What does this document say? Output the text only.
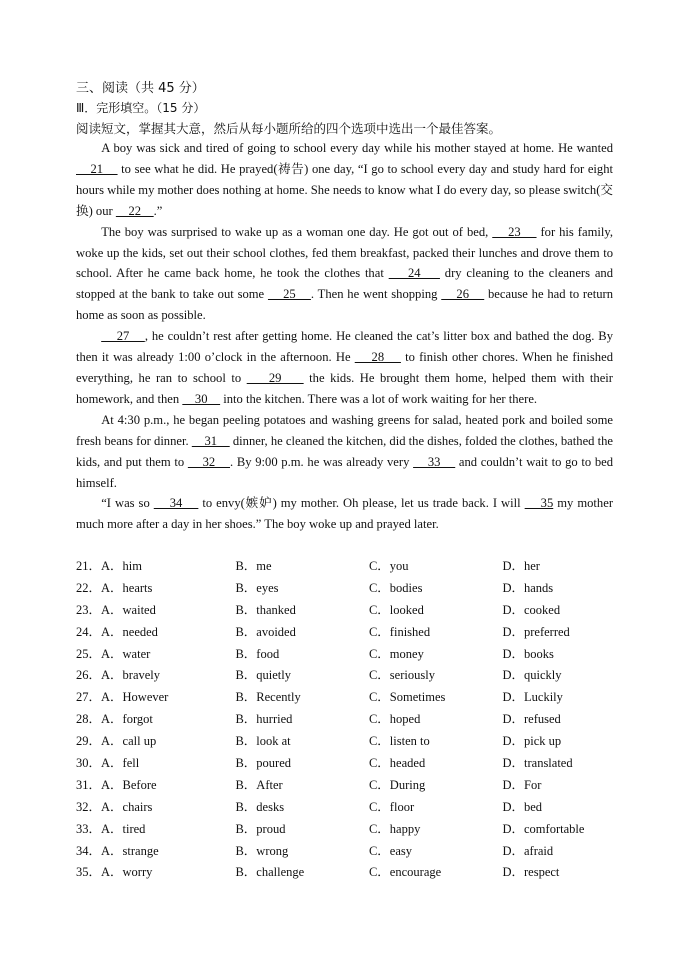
三、阅读（共 45 分）
Ⅲ．完形填空。（15 分）
阅读短文，掌握其大意，然后从每小题所给的四个选项中选出一个最佳答案。

A boy was sick and tired of going to school every day while his mother stayed at home. He wanted     21     to see what he did. He prayed(祷告) one day, “I go to school every day and study hard for eight hours while my mother does nothing at home. She needs to know what I do every day, so please switch(交换) our     22    .”

The boy was surprised to wake up as a woman one day. He got out of bed,     23     for his family, woke up the kids, set out their school clothes, fed them breakfast, packed their lunches and drove them to school. After he came back home, he took the clothes that     24     dry cleaning to the cleaners and stopped at the bank to take out some     25    . Then he went shopping     26     because he had to return home as soon as possible.

27    , he couldn’t rest after getting home. He cleaned the cat’s litter box and bathed the dog. By then it was already 1:00 o’clock in the afternoon. He     28     to finish other chores. When he finished everything, he ran to school to     29     the kids. He brought them home, helped them with their homework, and then     30     into the kitchen. There was a lot of work waiting for her there.

At 4:30 p.m., he began peeling potatoes and washing greens for salad, heated pork and boiled some fresh beans for dinner.     31     dinner, he cleaned the kitchen, did the dishes, folded the clothes, bathed the kids, and put them to     32    . By 9:00 p.m. he was already very     33     and couldn’t wait to go to bed himself.

“I was so     34     to envy(嫉妒) my mother. Oh please, let us trade back. I will     35 my mother much more after a day in her shoes.” The boy woke up and prayed later.

21．A．him	B．me	C．you	D．her
22．A．hearts	B．eyes	C．bodies	D．hands
23．A．waited	B．thanked	C．looked	D．cooked
24．A．needed	B．avoided	C．finished	D．preferred
25．A．water	B．food	C．money	D．books
26．A．bravely	B．quietly	C．seriously	D．quickly
27．A．However	B．Recently	C．Sometimes	D．Luckily
28．A．forgot	B．hurried	C．hoped	D．refused
29．A．call up	B．look at	C．listen to	D．pick up
30．A．fell	B．poured	C．headed	D．translated
31．A．Before	B．After	C．During	D．For
32．A．chairs	B．desks	C．floor	D．bed
33．A．tired	B．proud	C．happy	D．comfortable
34．A．strange	B．wrong	C．easy	D．afraid
35．A．worry	B．challenge	C．encourage	D．respect
